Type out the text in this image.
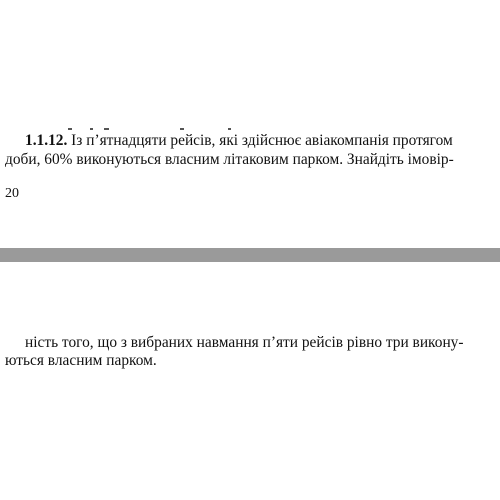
1.1.12. Із п’ятнадцяти рейсів, які здійснює авіакомпанія протягом
доби, 60% виконуються власним літаковим парком. Знайдіть імовір-
20
ність того, що з вибраних навмання п’яти рейсів рівно три викону-
ються власним парком.
